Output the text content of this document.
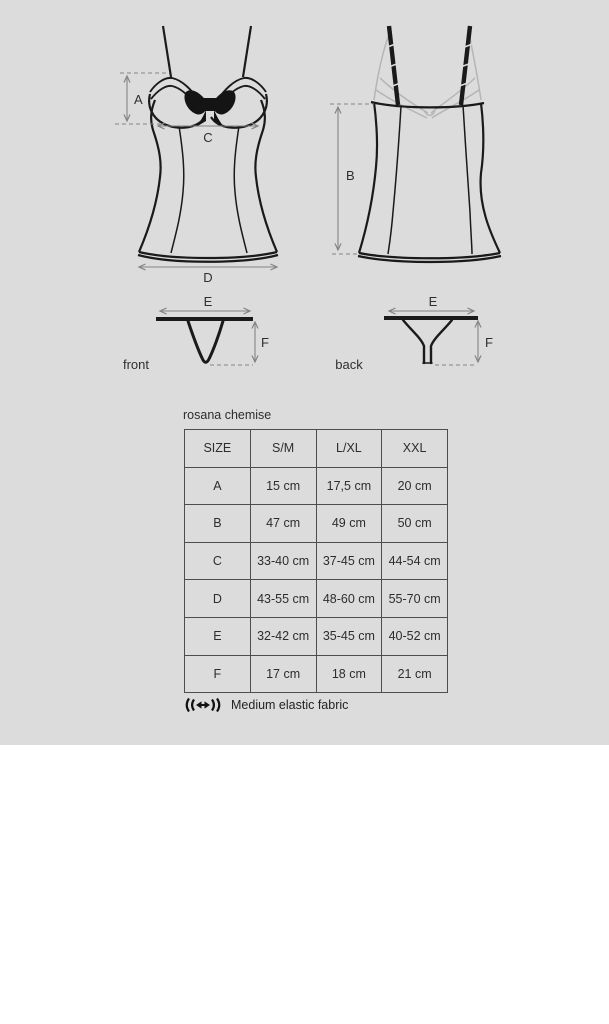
A
C
D
B
E
F
front
E
F
back
rosana chemise
SIZE	S/M	L/XL	XXL
A	15 cm	17,5 cm	20 cm
B	47 cm	49 cm	50 cm
C	33-40 cm	37-45 cm	44-54 cm
D	43-55 cm	48-60 cm	55-70 cm
E	32-42 cm	35-45 cm	40-52 cm
F	17 cm	18 cm	21 cm
Medium elastic fabric
